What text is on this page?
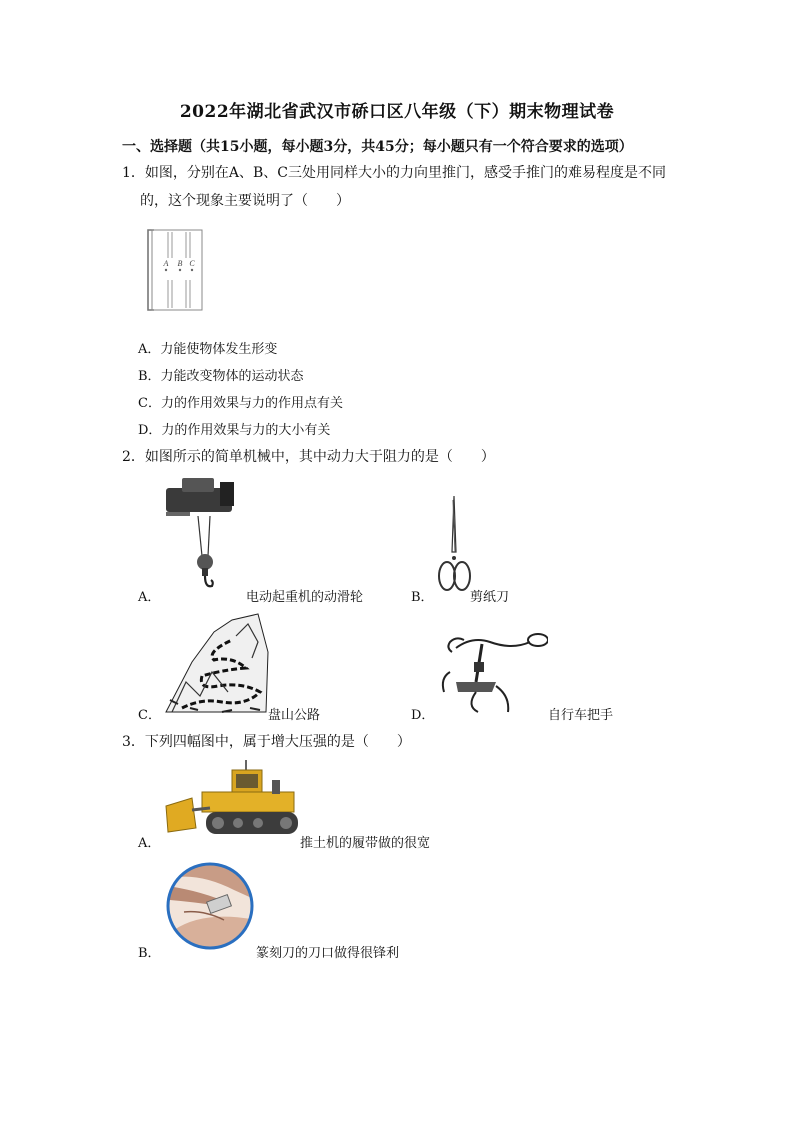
2022年湖北省武汉市硚口区八年级（下）期末物理试卷
一、选择题（共15小题，每小题3分，共45分；每小题只有一个符合要求的选项）
1．如图，分别在A、B、C三处用同样大小的力向里推门，感受手推门的难易程度是不同
的，这个现象主要说明了（　　）
A B C
A．力能使物体发生形变
B．力能改变物体的运动状态
C．力的作用效果与力的作用点有关
D．力的作用效果与力的大小有关
2．如图所示的简单机械中，其中动力大于阻力的是（　　）
A．	电动起重机的动滑轮	B．	剪纸刀
C．	盘山公路	D．	自行车把手
3．下列四幅图中，属于增大压强的是（　　）
A．	推土机的履带做的很宽
B．	篆刻刀的刀口做得很锋利
